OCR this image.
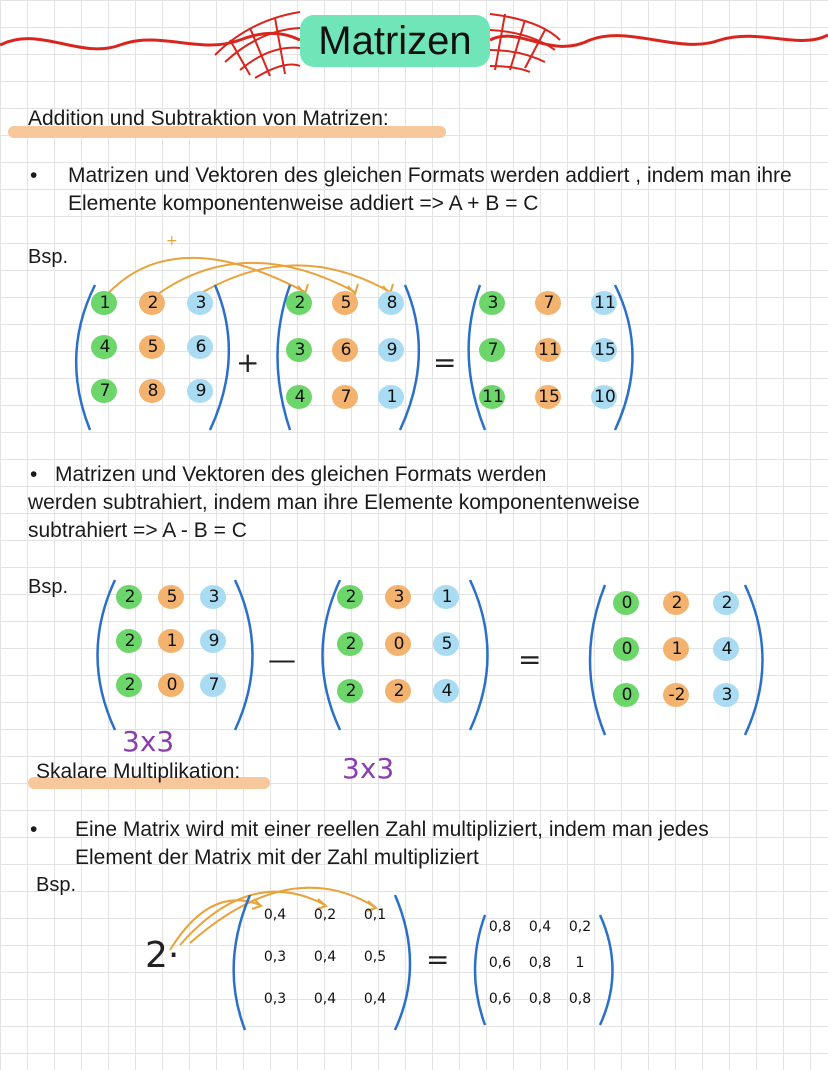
Matrizen
Addition und Subtraktion von Matrizen:
• Matrizen und Vektoren des gleichen Formats werden addiert , indem man ihre Elemente komponentenweise addiert => A + B = C
Bsp.
+
1	2	3
4	5	6
7	8	9
+
2	5	8
3	6	9
4	7	1
=
3	7	11
7	11 15
11 15 10
• Matrizen und Vektoren des gleichen Formats werden
werden subtrahiert, indem man ihre Elemente komponentenweise
subtrahiert => A - B = C
Bsp.	2	5	3
2	1	9
2	0	7
—
2	3	1
2	0	5
2	2	4
=
0	2	2
0	1	4
0	-2	3
3x3
Skalare Multiplikation:	3x3
• Eine Matrix wird mit einer reellen Zahl multipliziert, indem man jedes Element der Matrix mit der Zahl multipliziert
Bsp.
2·
0,4	0,2	0,1
0,3	0,4	0,5
0,3	0,4	0,4
=
0,8	0,4	0,2
0,6	0,8	1
0,6	0,8	0,8
